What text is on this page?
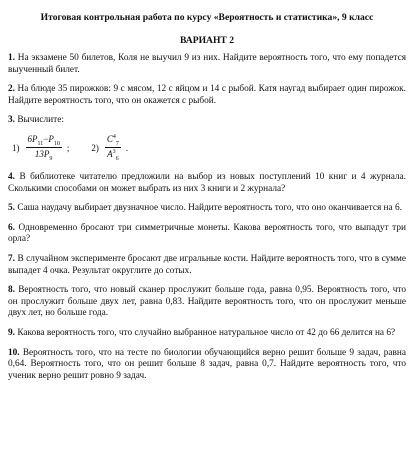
Итоговая контрольная работа по курсу «Вероятность и статистика», 9 класс
ВАРИАНТ 2

1. На экзамене 50 билетов, Коля не выучил 9 из них. Найдите вероятность того, что ему попадется выученный билет.

2. На блюде 35 пирожков: 9 с мясом, 12 с яйцом и 14 с рыбой. Катя наугад выбирает один пирожок. Найдите вероятность того, что он окажется с рыбой.

3. Вычислите:

$1) \frac{6P_{11}-P_{10}}{13P_9}$ ; $2) \frac{C^4_7}{A^3_6}$ .

4. В библиотеке читателю предложили на выбор из новых поступлений 10 книг и 4 журнала. Сколькими способами он может выбрать из них 3 книги и 2 журнала?

5. Саша наудачу выбирает двузначное число. Найдите вероятность того, что оно оканчивается на 6.

6. Одновременно бросают три симметричные монеты. Какова вероятность того, что выпадут три орла?

7. В случайном эксперименте бросают две игральные кости. Найдите вероятность того, что в сумме выпадет 4 очка. Результат округлите до сотых.

8. Вероятность того, что новый сканер прослужит больше года, равна 0,95. Вероятность того, что он прослужит больше двух лет, равна 0,83. Найдите вероятность того, что он прослужит меньше двух лет, но больше года.

9. Какова вероятность того, что случайно выбранное натуральное число от 42 до 66 делится на 6?

10. Вероятность того, что на тесте по биологии обучающийся верно решит больше 9 задач, равна 0,64. Вероятность того, что он решит больше 8 задач, равна 0,7. Найдите вероятность того, что ученик верно решит ровно 9 задач.
